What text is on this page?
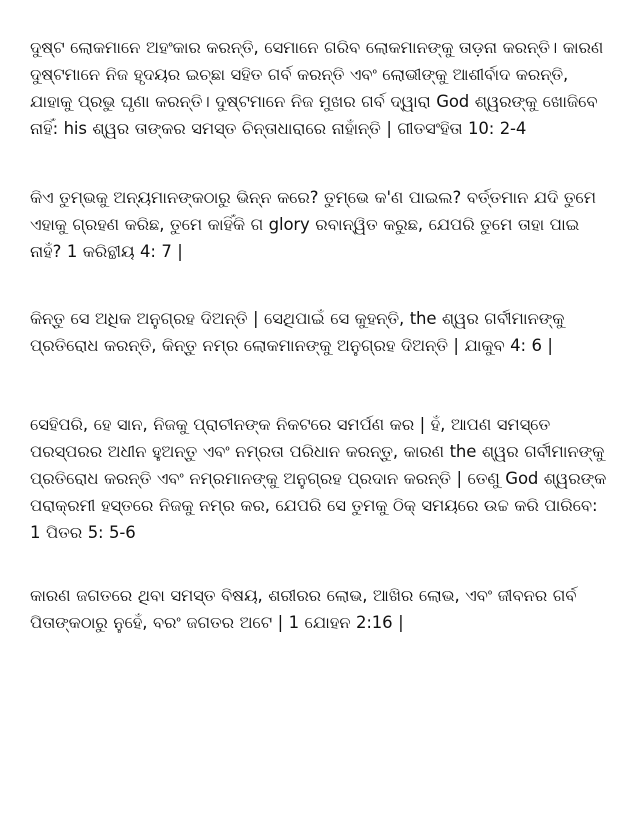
ଦୁଷ୍ଟ ଲୋକମାନେ ଅହଂକାର କରନ୍ତି, ସେମାନେ ଗରିବ ଲୋକମାନଙ୍କୁ ତାଡ଼ନା କରନ୍ତି। କାରଣ ଦୁଷ୍ଟମାନେ ନିଜ ହୃଦୟର ଇଚ୍ଛା ସହିତ ଗର୍ବ କରନ୍ତି ଏବଂ ଲୋଭୀଙ୍କୁ ଆଶୀର୍ବାଦ କରନ୍ତି, ଯାହାକୁ ପ୍ରଭୁ ଘୃଣା କରନ୍ତି। ଦୁଷ୍ଟମାନେ ନିଜ ମୁଖର ଗର୍ବ ଦ୍ୱାରା God ଶ୍ୱରଙ୍କୁ ଖୋଜିବେ ନାହିଁ: his ଶ୍ୱର ତାଙ୍କର ସମସ୍ତ ଚିନ୍ତାଧାରାରେ ନାହାଁନ୍ତି | ଗୀତସଂହିତା 10: 2-4

କିଏ ତୁମ୍ଭକୁ ଅନ୍ୟମାନଙ୍କଠାରୁ ଭିନ୍ନ କରେ? ତୁମ୍ଭେ କ'ଣ ପାଇଲ? ବର୍ତ୍ତମାନ ଯଦି ତୁମେ ଏହାକୁ ଗ୍ରହଣ କରିଛ, ତୁମେ କାହିଁକି ଗ glory ରବାନ୍ୱିତ କରୁଛ, ଯେପରି ତୁମେ ତାହା ପାଇ ନାହଁ? 1 କରିନ୍ଥୀୟ 4: 7 |

କିନ୍ତୁ ସେ ଅଧିକ ଅନୁଗ୍ରହ ଦିଅନ୍ତି | ସେଥିପାଇଁ ସେ କୁହନ୍ତି, the ଶ୍ୱର ଗର୍ବୀମାନଙ୍କୁ ପ୍ରତିରୋଧ କରନ୍ତି, କିନ୍ତୁ ନମ୍ର ଲୋକମାନଙ୍କୁ ଅନୁଗ୍ରହ ଦିଅନ୍ତି | ଯାକୁବ 4: 6 |

ସେହିପରି, ହେ ସାନ, ନିଜକୁ ପ୍ରାଚୀନଙ୍କ ନିକଟରେ ସମର୍ପଣ କର | ହଁ, ଆପଣ ସମସ୍ତେ ପରସ୍ପରର ଅଧୀନ ହୁଅନ୍ତୁ ଏବଂ ନମ୍ରତା ପରିଧାନ କରନ୍ତୁ, କାରଣ the ଶ୍ୱର ଗର୍ବୀମାନଙ୍କୁ ପ୍ରତିରୋଧ କରନ୍ତି ଏବଂ ନମ୍ରମାନଙ୍କୁ ଅନୁଗ୍ରହ ପ୍ରଦାନ କରନ୍ତି | ତେଣୁ God ଶ୍ୱରଙ୍କ ପରାକ୍ରମୀ ହସ୍ତରେ ନିଜକୁ ନମ୍ର କର, ଯେପରି ସେ ତୁମକୁ ଠିକ୍ ସମୟରେ ଉଚ୍ଚ କରି ପାରିବେ: 1 ପିତର 5: 5-6

କାରଣ ଜଗତରେ ଥିବା ସମସ୍ତ ବିଷୟ, ଶରୀରର ଲୋଭ, ଆଖିର ଲୋଭ, ଏବଂ ଜୀବନର ଗର୍ବ ପିତାଙ୍କଠାରୁ ନୁହେଁ, ବରଂ ଜଗତର ଅଟେ | 1 ଯୋହନ 2:16 |
